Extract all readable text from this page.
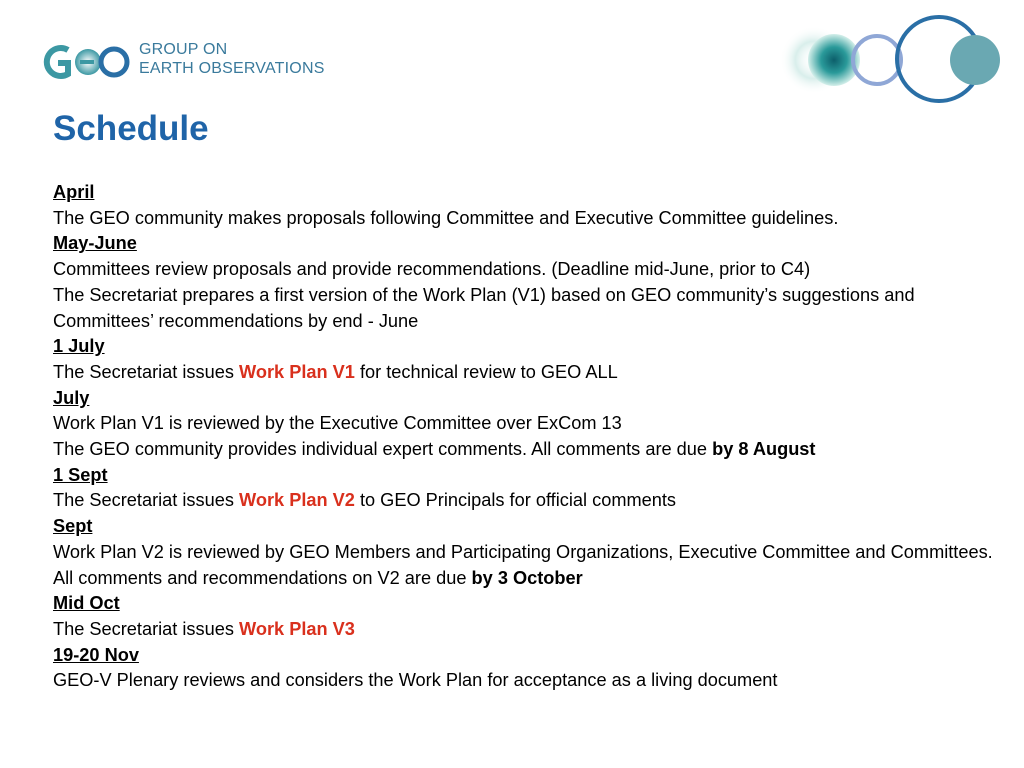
GROUP ON
EARTH OBSERVATIONS
Schedule

April

The GEO community makes proposals following Committee and Executive Committee guidelines.

May-June

Committees review proposals and provide recommendations. (Deadline mid-June, prior to C4)

The Secretariat prepares a first version of the Work Plan (V1) based on GEO community’s suggestions and Committees’ recommendations by end - June

1 July

The Secretariat issues Work Plan V1 for technical review to GEO ALL

July

Work Plan V1 is reviewed by the Executive Committee over ExCom 13

The GEO community provides individual expert comments. All comments are due by 8 August

1 Sept

The Secretariat issues Work Plan V2 to GEO Principals for official comments

Sept

Work Plan V2 is reviewed by GEO Members and Participating Organizations, Executive Committee and Committees. All comments and recommendations on V2 are due by 3 October

Mid Oct

The Secretariat issues Work Plan V3

19-20 Nov

GEO-V Plenary reviews and considers the Work Plan for acceptance as a living document
